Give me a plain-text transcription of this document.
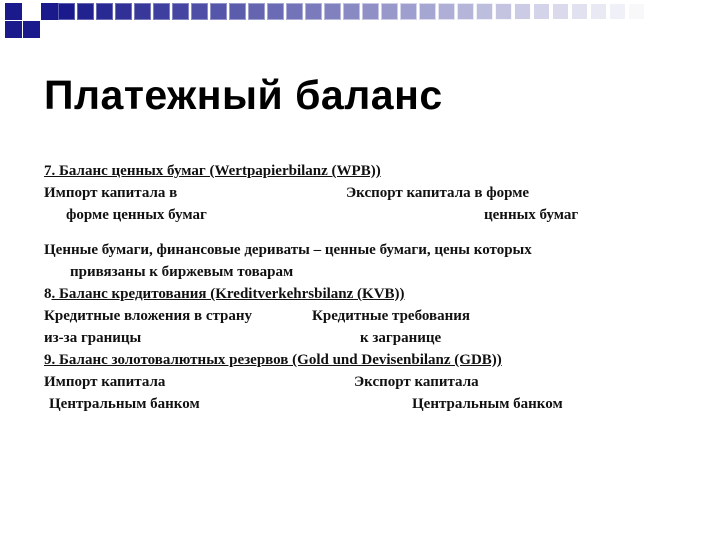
Платежный баланс
7. Баланс ценных бумаг (Wertpapierbilanz (WPB))
Импорт капитала в	Экспорт капитала в форме
форме ценных бумаг	ценных бумаг
Ценные бумаги, финансовые дериваты – ценные бумаги, цены которых
привязаны к биржевым товарам
8. Баланс кредитования (Kreditverkehrsbilanz (KVB))
Кредитные вложения в страну	Кредитные требования
из-за границы	к загранице
9. Баланс золотовалютных резервов (Gold und Devisenbilanz (GDB))
Импорт капитала	Экспорт капитала
Центральным банком	Центральным банком
